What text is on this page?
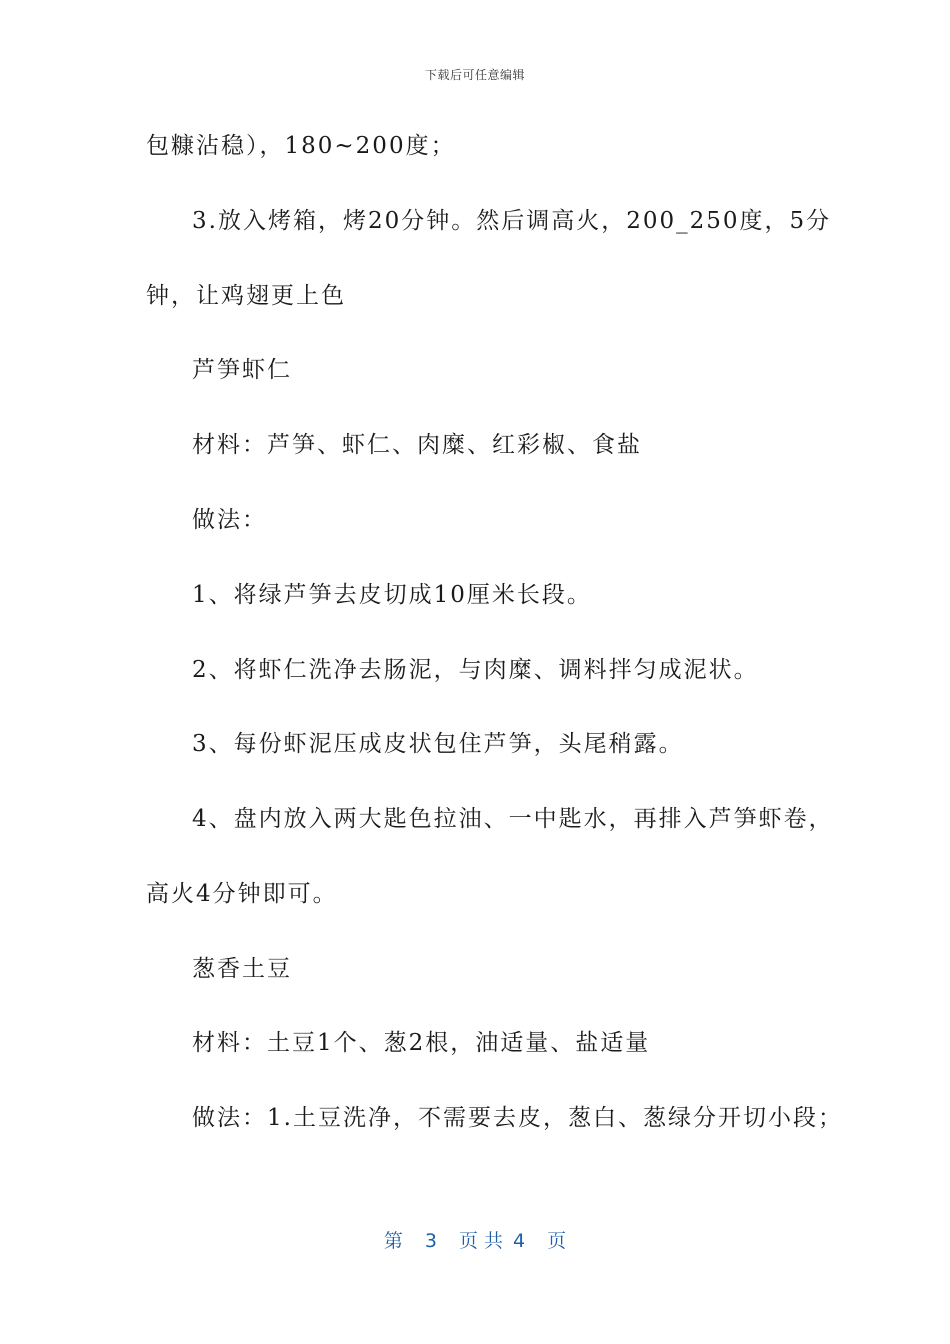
下载后可任意编辑
包糠沾稳），180~200度；
3.放入烤箱，烤20分钟。然后调高火，200_250度，5分
钟，让鸡翅更上色
芦笋虾仁
材料：芦笋、虾仁、肉糜、红彩椒、食盐
做法：
1、将绿芦笋去皮切成10厘米长段。
2、将虾仁洗净去肠泥，与肉糜、调料拌匀成泥状。
3、每份虾泥压成皮状包住芦笋，头尾稍露。
4、盘内放入两大匙色拉油、一中匙水，再排入芦笋虾卷，
高火4分钟即可。
葱香土豆
材料：土豆1个、葱2根，油适量、盐适量
做法：1.土豆洗净，不需要去皮，葱白、葱绿分开切小段；
第 3 页 共 4 页
